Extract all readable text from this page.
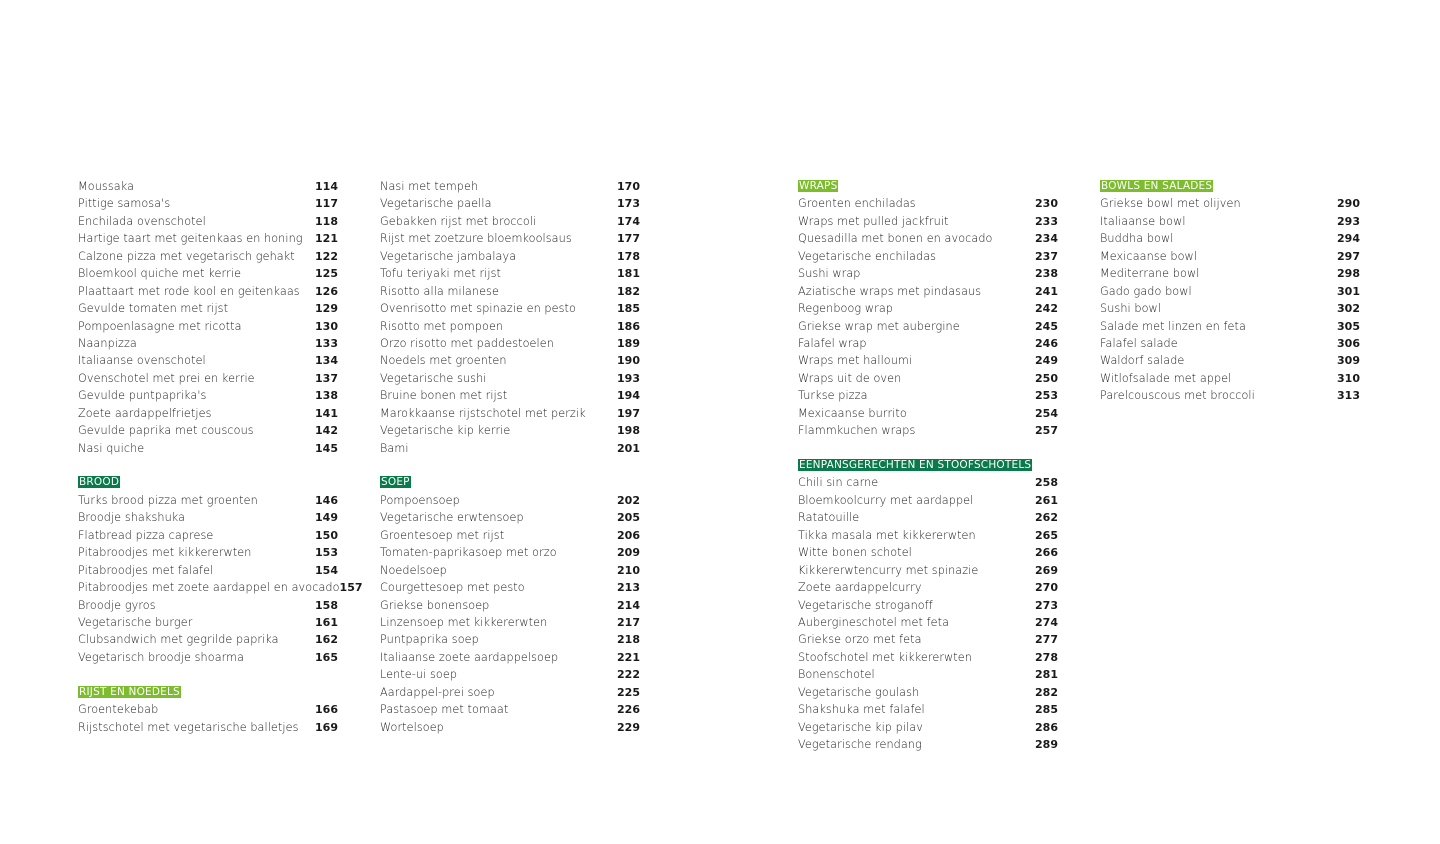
Moussaka	114
Pittige samosa's	117
Enchilada ovenschotel	118
Hartige taart met geitenkaas en honing 121
Calzone pizza met vegetarisch gehakt 122
Bloemkool quiche met kerrie	125
Plaattaart met rode kool en geitenkaas 126
Gevulde tomaten met rijst	129
Pompoenlasagne met ricotta	130
Naanpizza	133
Italiaanse ovenschotel	134
Ovenschotel met prei en kerrie	137
Gevulde puntpaprika's	138
Zoete aardappelfrietjes	141
Gevulde paprika met couscous	142
Nasi quiche	145
BROOD
Turks brood pizza met groenten	146
Broodje shakshuka	149
Flatbread pizza caprese	150
Pitabroodjes met kikkererwten	153
Pitabroodjes met falafel	154
Pitabroodjes met zoete aardappel en avocado 157
Broodje gyros	158
Vegetarische burger	161
Clubsandwich met gegrilde paprika	162
Vegetarisch broodje shoarma	165
RIJST EN NOEDELS
Groentekebab	166
Rijstschotel met vegetarische balletjes 169
Nasi met tempeh	170
Vegetarische paella	173
Gebakken rijst met broccoli	174
Rijst met zoetzure bloemkoolsaus	177
Vegetarische jambalaya	178
Tofu teriyaki met rijst	181
Risotto alla milanese	182
Ovenrisotto met spinazie en pesto	185
Risotto met pompoen	186
Orzo risotto met paddestoelen	189
Noedels met groenten	190
Vegetarische sushi	193
Bruine bonen met rijst	194
Marokkaanse rijstschotel met perzik	197
Vegetarische kip kerrie	198
Bami	201
SOEP
Pompoensoep	202
Vegetarische erwtensoep	205
Groentesoep met rijst	206
Tomaten-paprikasoep met orzo	209
Noedelsoep	210
Courgettesoep met pesto	213
Griekse bonensoep	214
Linzensoep met kikkererwten	217
Puntpaprika soep	218
Italiaanse zoete aardappelsoep	221
Lente-ui soep	222
Aardappel-prei soep	225
Pastasoep met tomaat	226
Wortelsoep	229
WRAPS
Groenten enchiladas	230
Wraps met pulled jackfruit	233
Quesadilla met bonen en avocado	234
Vegetarische enchiladas	237
Sushi wrap	238
Aziatische wraps met pindasaus	241
Regenboog wrap	242
Griekse wrap met aubergine	245
Falafel wrap	246
Wraps met halloumi	249
Wraps uit de oven	250
Turkse pizza	253
Mexicaanse burrito	254
Flammkuchen wraps	257
EENPANSGERECHTEN EN STOOFSCHOTELS
Chili sin carne	258
Bloemkoolcurry met aardappel	261
Ratatouille	262
Tikka masala met kikkererwten	265
Witte bonen schotel	266
Kikkererwtencurry met spinazie	269
Zoete aardappelcurry	270
Vegetarische stroganoff	273
Aubergineschotel met feta	274
Griekse orzo met feta	277
Stoofschotel met kikkererwten	278
Bonenschotel	281
Vegetarische goulash	282
Shakshuka met falafel	285
Vegetarische kip pilav	286
Vegetarische rendang	289
BOWLS EN SALADES
Griekse bowl met olijven	290
Italiaanse bowl	293
Buddha bowl	294
Mexicaanse bowl	297
Mediterrane bowl	298
Gado gado bowl	301
Sushi bowl	302
Salade met linzen en feta	305
Falafel salade	306
Waldorf salade	309
Witlofsalade met appel	310
Parelcouscous met broccoli	313
